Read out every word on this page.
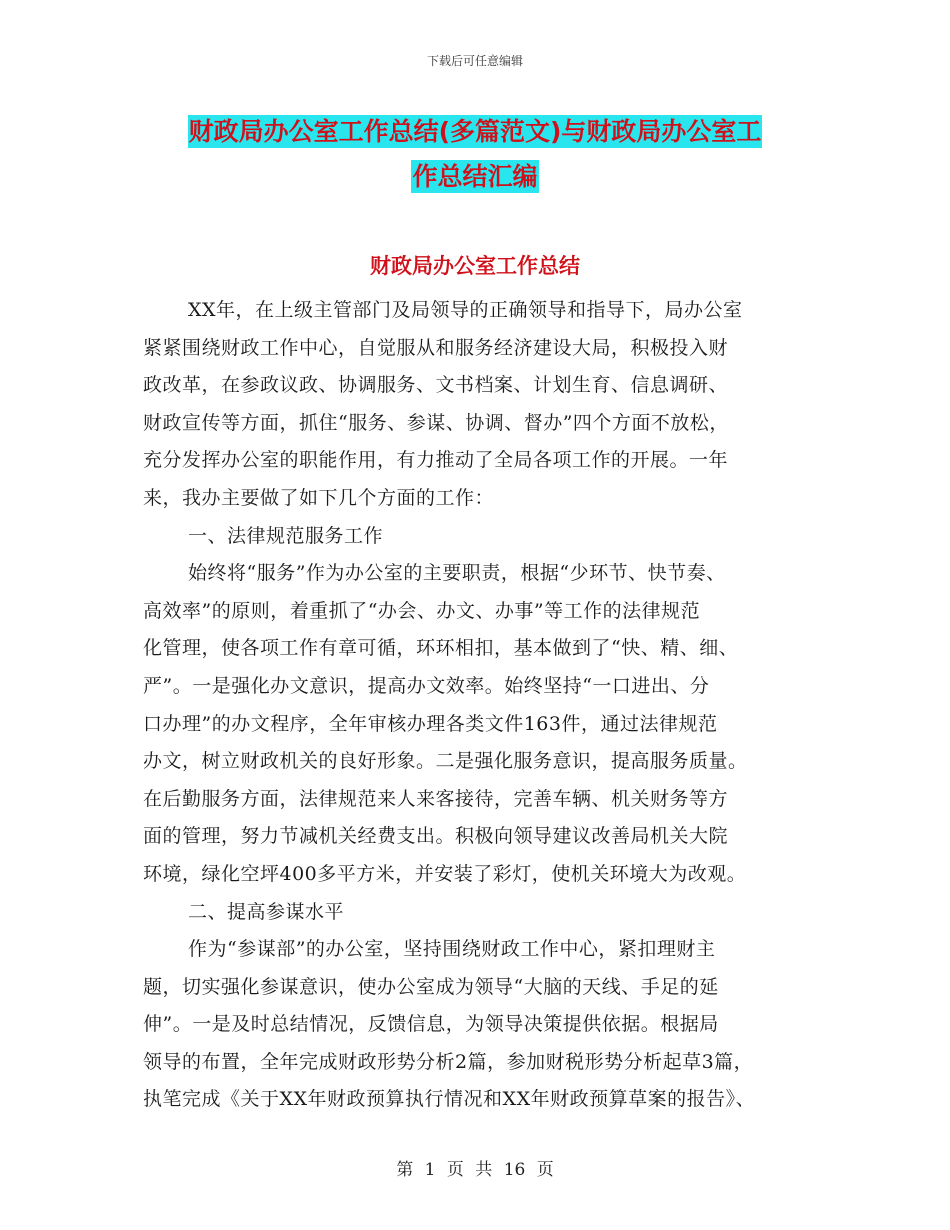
下载后可任意编辑
财政局办公室工作总结(多篇范文)与财政局办公室工
作总结汇编
财政局办公室工作总结
XX年，在上级主管部门及局领导的正确领导和指导下，局办公室
紧紧围绕财政工作中心，自觉服从和服务经济建设大局，积极投入财
政改革，在参政议政、协调服务、文书档案、计划生育、信息调研、
财政宣传等方面，抓住“服务、参谋、协调、督办”四个方面不放松，
充分发挥办公室的职能作用，有力推动了全局各项工作的开展。一年
来，我办主要做了如下几个方面的工作：
一、法律规范服务工作
始终将“服务”作为办公室的主要职责，根据“少环节、快节奏、
高效率”的原则，着重抓了“办会、办文、办事”等工作的法律规范
化管理，使各项工作有章可循，环环相扣，基本做到了“快、精、细、
严”。一是强化办文意识，提高办文效率。始终坚持“一口进出、分
口办理”的办文程序，全年审核办理各类文件163件，通过法律规范
办文，树立财政机关的良好形象。二是强化服务意识，提高服务质量。
在后勤服务方面，法律规范来人来客接待，完善车辆、机关财务等方
面的管理，努力节减机关经费支出。积极向领导建议改善局机关大院
环境，绿化空坪400多平方米，并安装了彩灯，使机关环境大为改观。
二、提高参谋水平
作为“参谋部”的办公室，坚持围绕财政工作中心，紧扣理财主
题，切实强化参谋意识，使办公室成为领导“大脑的天线、手足的延
伸”。一是及时总结情况，反馈信息，为领导决策提供依据。根据局
领导的布置，全年完成财政形势分析2篇，参加财税形势分析起草3篇，
执笔完成《关于XX年财政预算执行情况和XX年财政预算草案的报告》、
第 1 页 共 16 页
